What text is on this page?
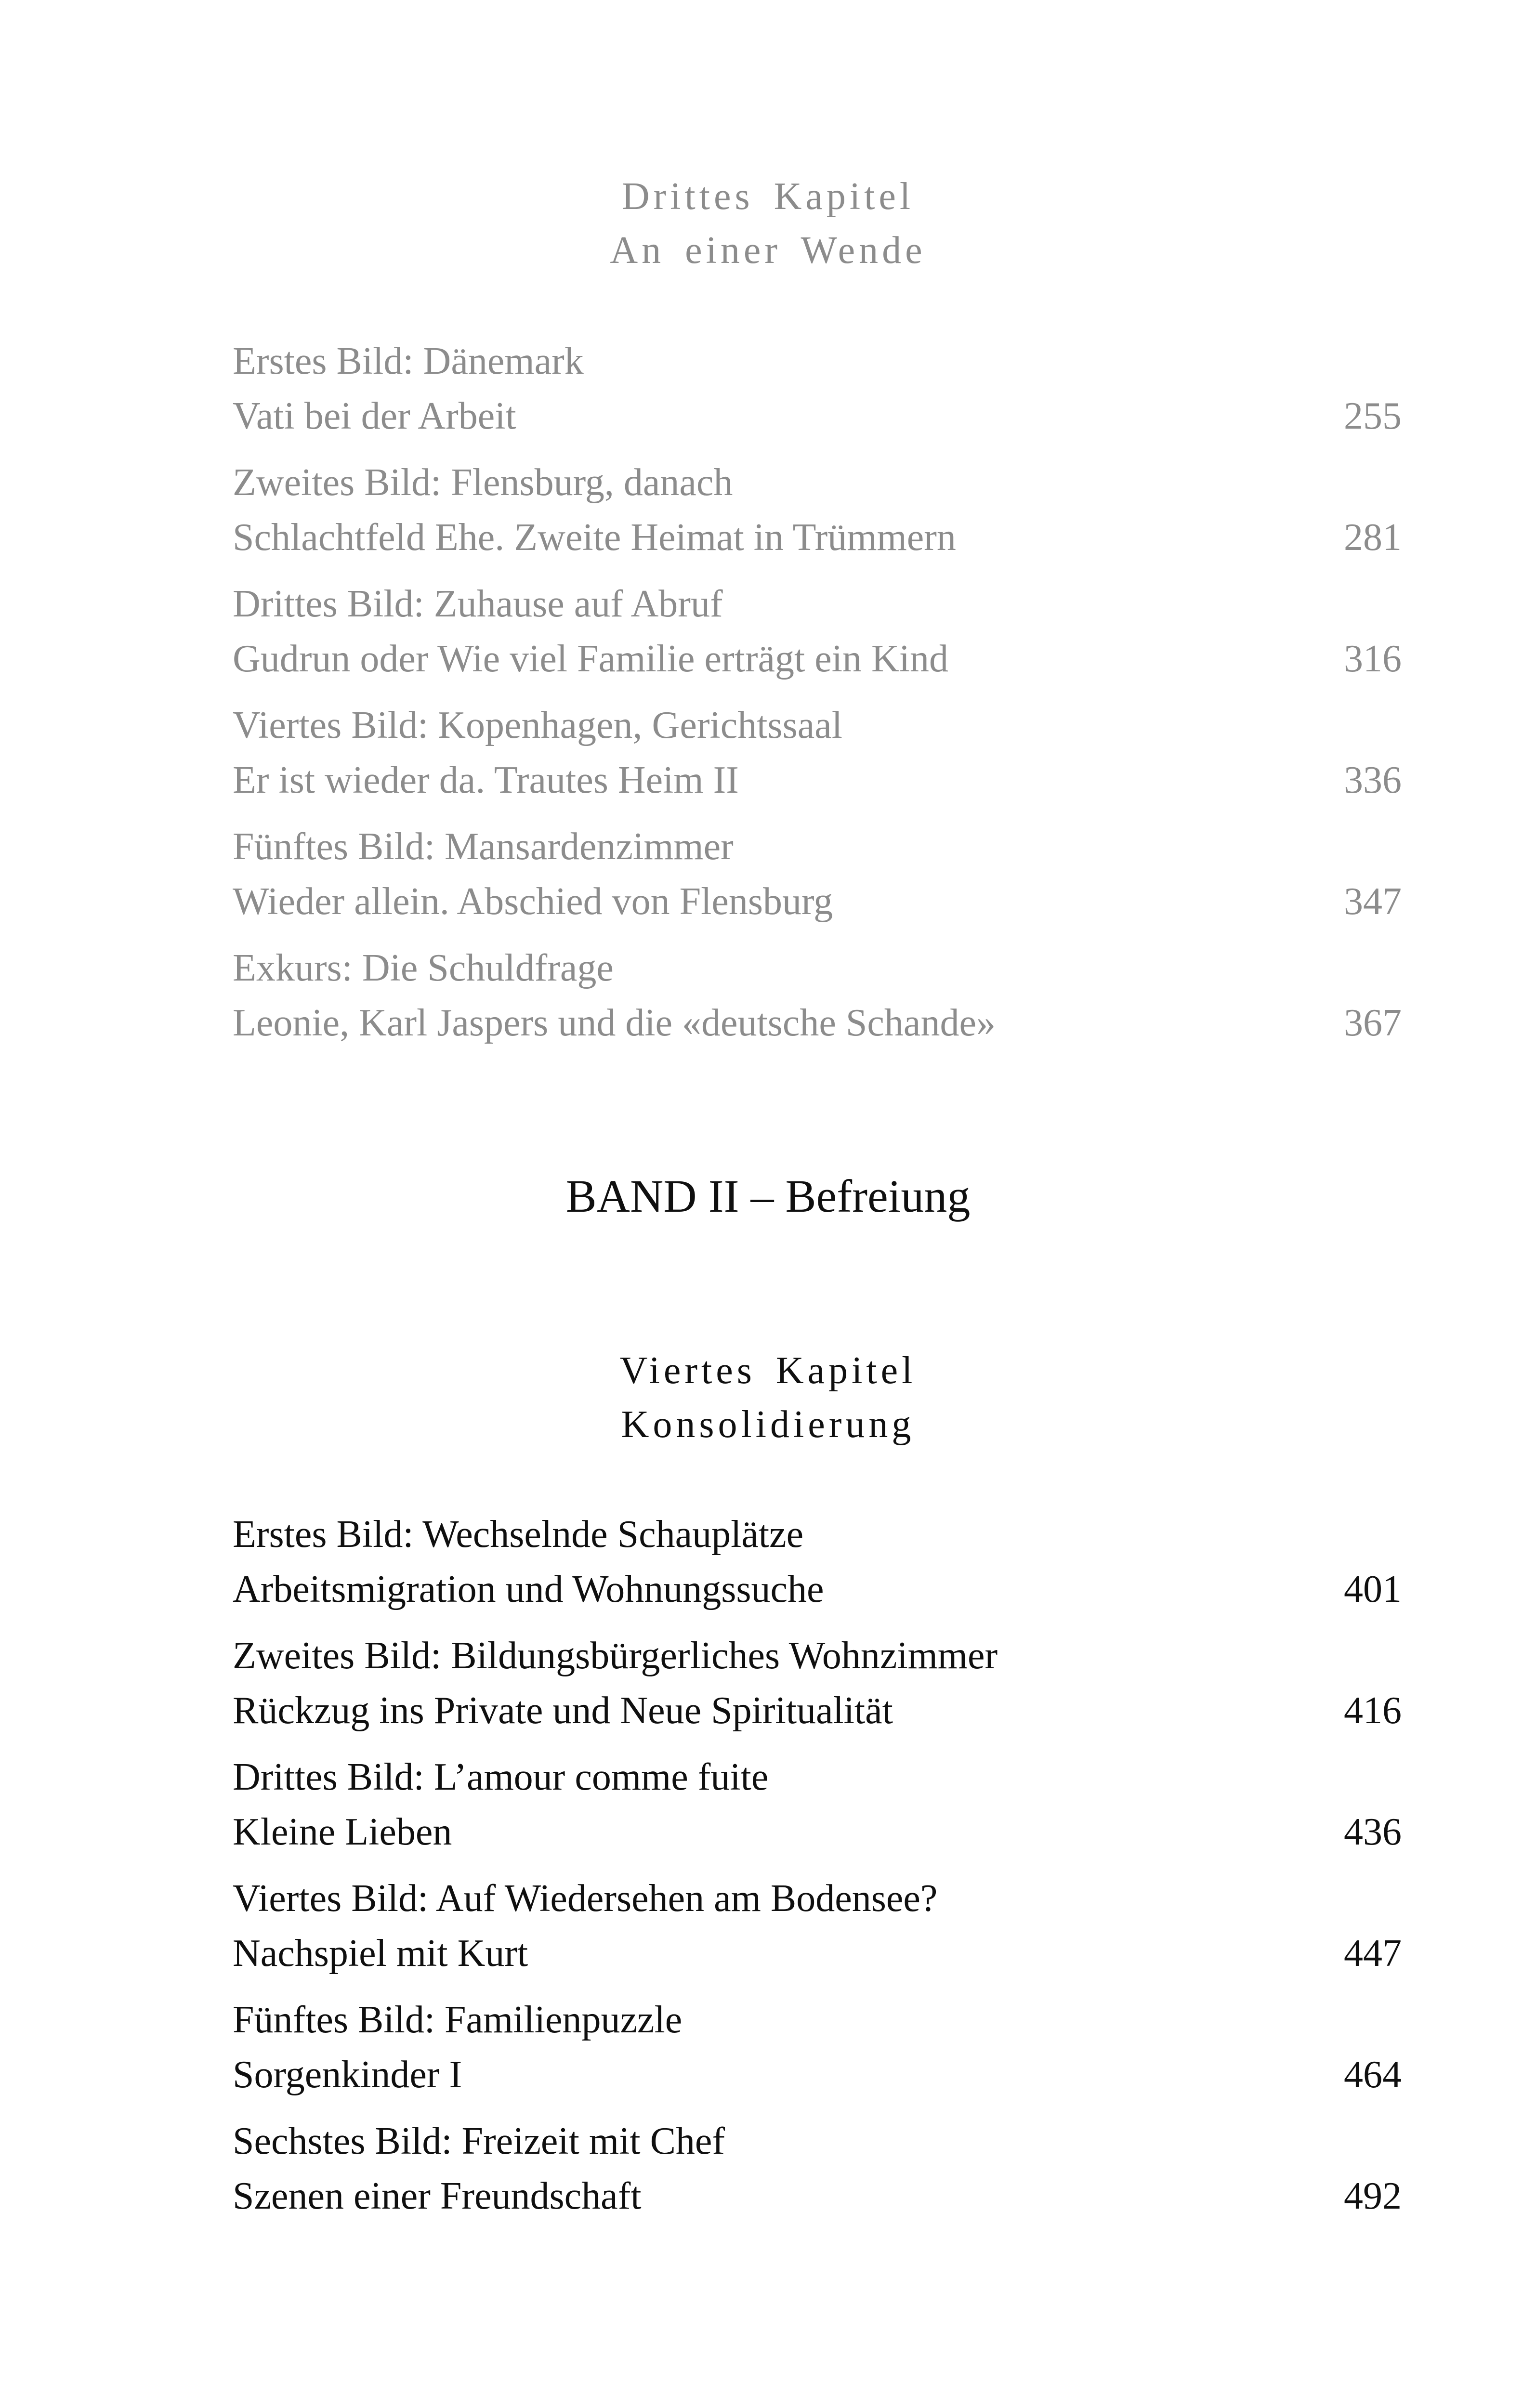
Drittes Kapitel
An einer Wende
Erstes Bild: Dänemark
Vati bei der Arbeit	255
Zweites Bild: Flensburg, danach
Schlachtfeld Ehe. Zweite Heimat in Trümmern	281
Drittes Bild: Zuhause auf Abruf
Gudrun oder Wie viel Familie erträgt ein Kind	316
Viertes Bild: Kopenhagen, Gerichtssaal
Er ist wieder da. Trautes Heim II	336
Fünftes Bild: Mansardenzimmer
Wieder allein. Abschied von Flensburg	347
Exkurs: Die Schuldfrage
Leonie, Karl Jaspers und die «deutsche Schande»	367
BAND II – Befreiung
Viertes Kapitel
Konsolidierung
Erstes Bild: Wechselnde Schauplätze
Arbeitsmigration und Wohnungssuche	401
Zweites Bild: Bildungsbürgerliches Wohnzimmer
Rückzug ins Private und Neue Spiritualität	416
Drittes Bild: L’amour comme fuite
Kleine Lieben	436
Viertes Bild: Auf Wiedersehen am Bodensee?
Nachspiel mit Kurt	447
Fünftes Bild: Familienpuzzle
Sorgenkinder I	464
Sechstes Bild: Freizeit mit Chef
Szenen einer Freundschaft	492
